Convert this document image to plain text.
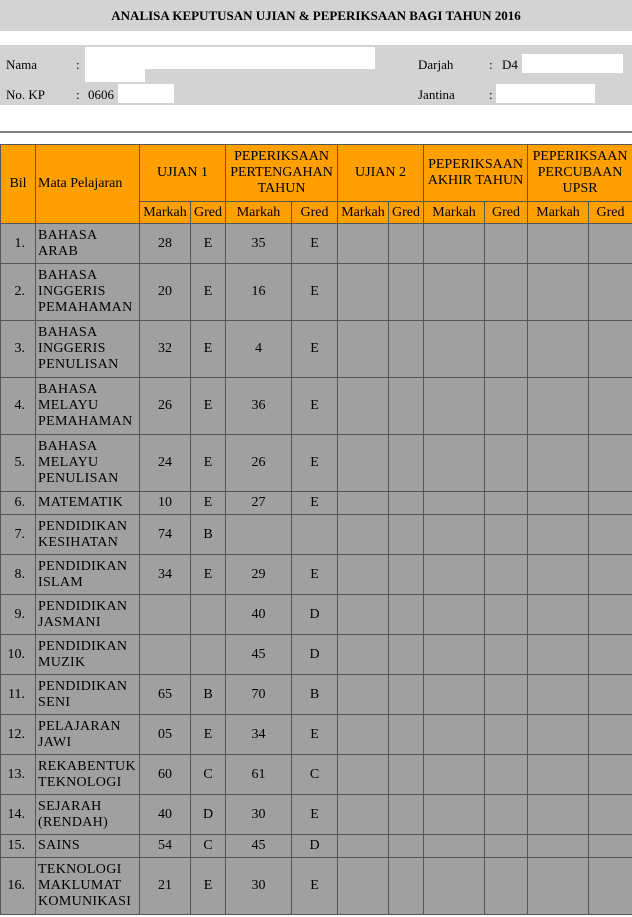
ANALISA KEPUTUSAN UJIAN & PEPERIKSAAN BAGI TAHUN 2016
Nama	:	Darjah	: D4
No. KP : 0606	Jantina	:
Bil	Mata Pelajaran	UJIAN 1		PEPERIKSAAN PERTENGAHAN TAHUN		UJIAN 2		PEPERIKSAAN AKHIR TAHUN		PEPERIKSAAN PERCUBAAN UPSR	
		Markah	Gred	Markah	Gred	Markah	Gred	Markah	Gred	Markah	Gred
1.	BAHASA
ARAB	28	E	35	E						
2.	BAHASA
INGGERIS
PEMAHAMAN	20	E	16	E						
3.	BAHASA
INGGERIS
PENULISAN	32	E	4	E						
4.	BAHASA
MELAYU
PEMAHAMAN	26	E	36	E						
5.	BAHASA
MELAYU
PENULISAN	24	E	26	E						
6.	MATEMATIK	10	E	27	E						
7.	PENDIDIKAN
KESIHATAN	74	B								
8.	PENDIDIKAN
ISLAM	34	E	29	E						
9.	PENDIDIKAN
JASMANI			40	D						
10.	PENDIDIKAN
MUZIK			45	D						
11.	PENDIDIKAN
SENI	65	B	70	B						
12.	PELAJARAN
JAWI	05	E	34	E						
13.	REKABENTUK
TEKNOLOGI	60	C	61	C						
14.	SEJARAH
(RENDAH)	40	D	30	E						
15.	SAINS	54	C	45	D						
16.	TEKNOLOGI
MAKLUMAT
KOMUNIKASI	21	E	30	E						
